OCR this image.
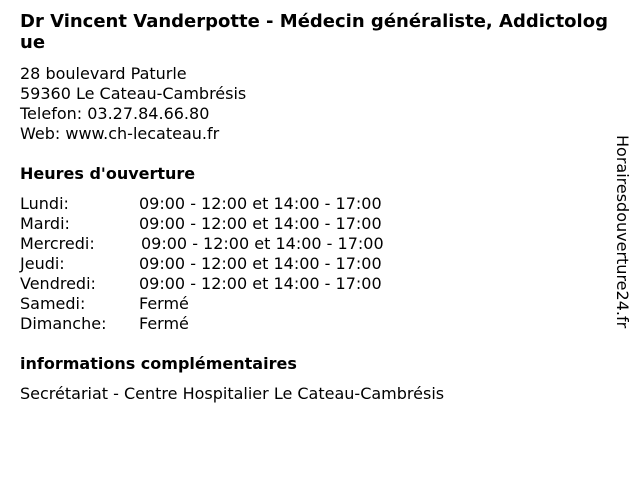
Dr Vincent Vanderpotte - Médecin généraliste, Addictologue
28 boulevard Paturle
59360 Le Cateau-Cambrésis
Telefon: 03.27.84.66.80
Web: www.ch-lecateau.fr
Heures d'ouverture
Lundi:	09:00 - 12:00 et 14:00 - 17:00
Mardi:	09:00 - 12:00 et 14:00 - 17:00
Mercredi:	09:00 - 12:00 et 14:00 - 17:00
Jeudi:	09:00 - 12:00 et 14:00 - 17:00
Vendredi:	09:00 - 12:00 et 14:00 - 17:00
Samedi:	Fermé
Dimanche: Fermé
informations complémentaires
Secrétariat - Centre Hospitalier Le Cateau-Cambrésis
Horairesdouverture24.fr
